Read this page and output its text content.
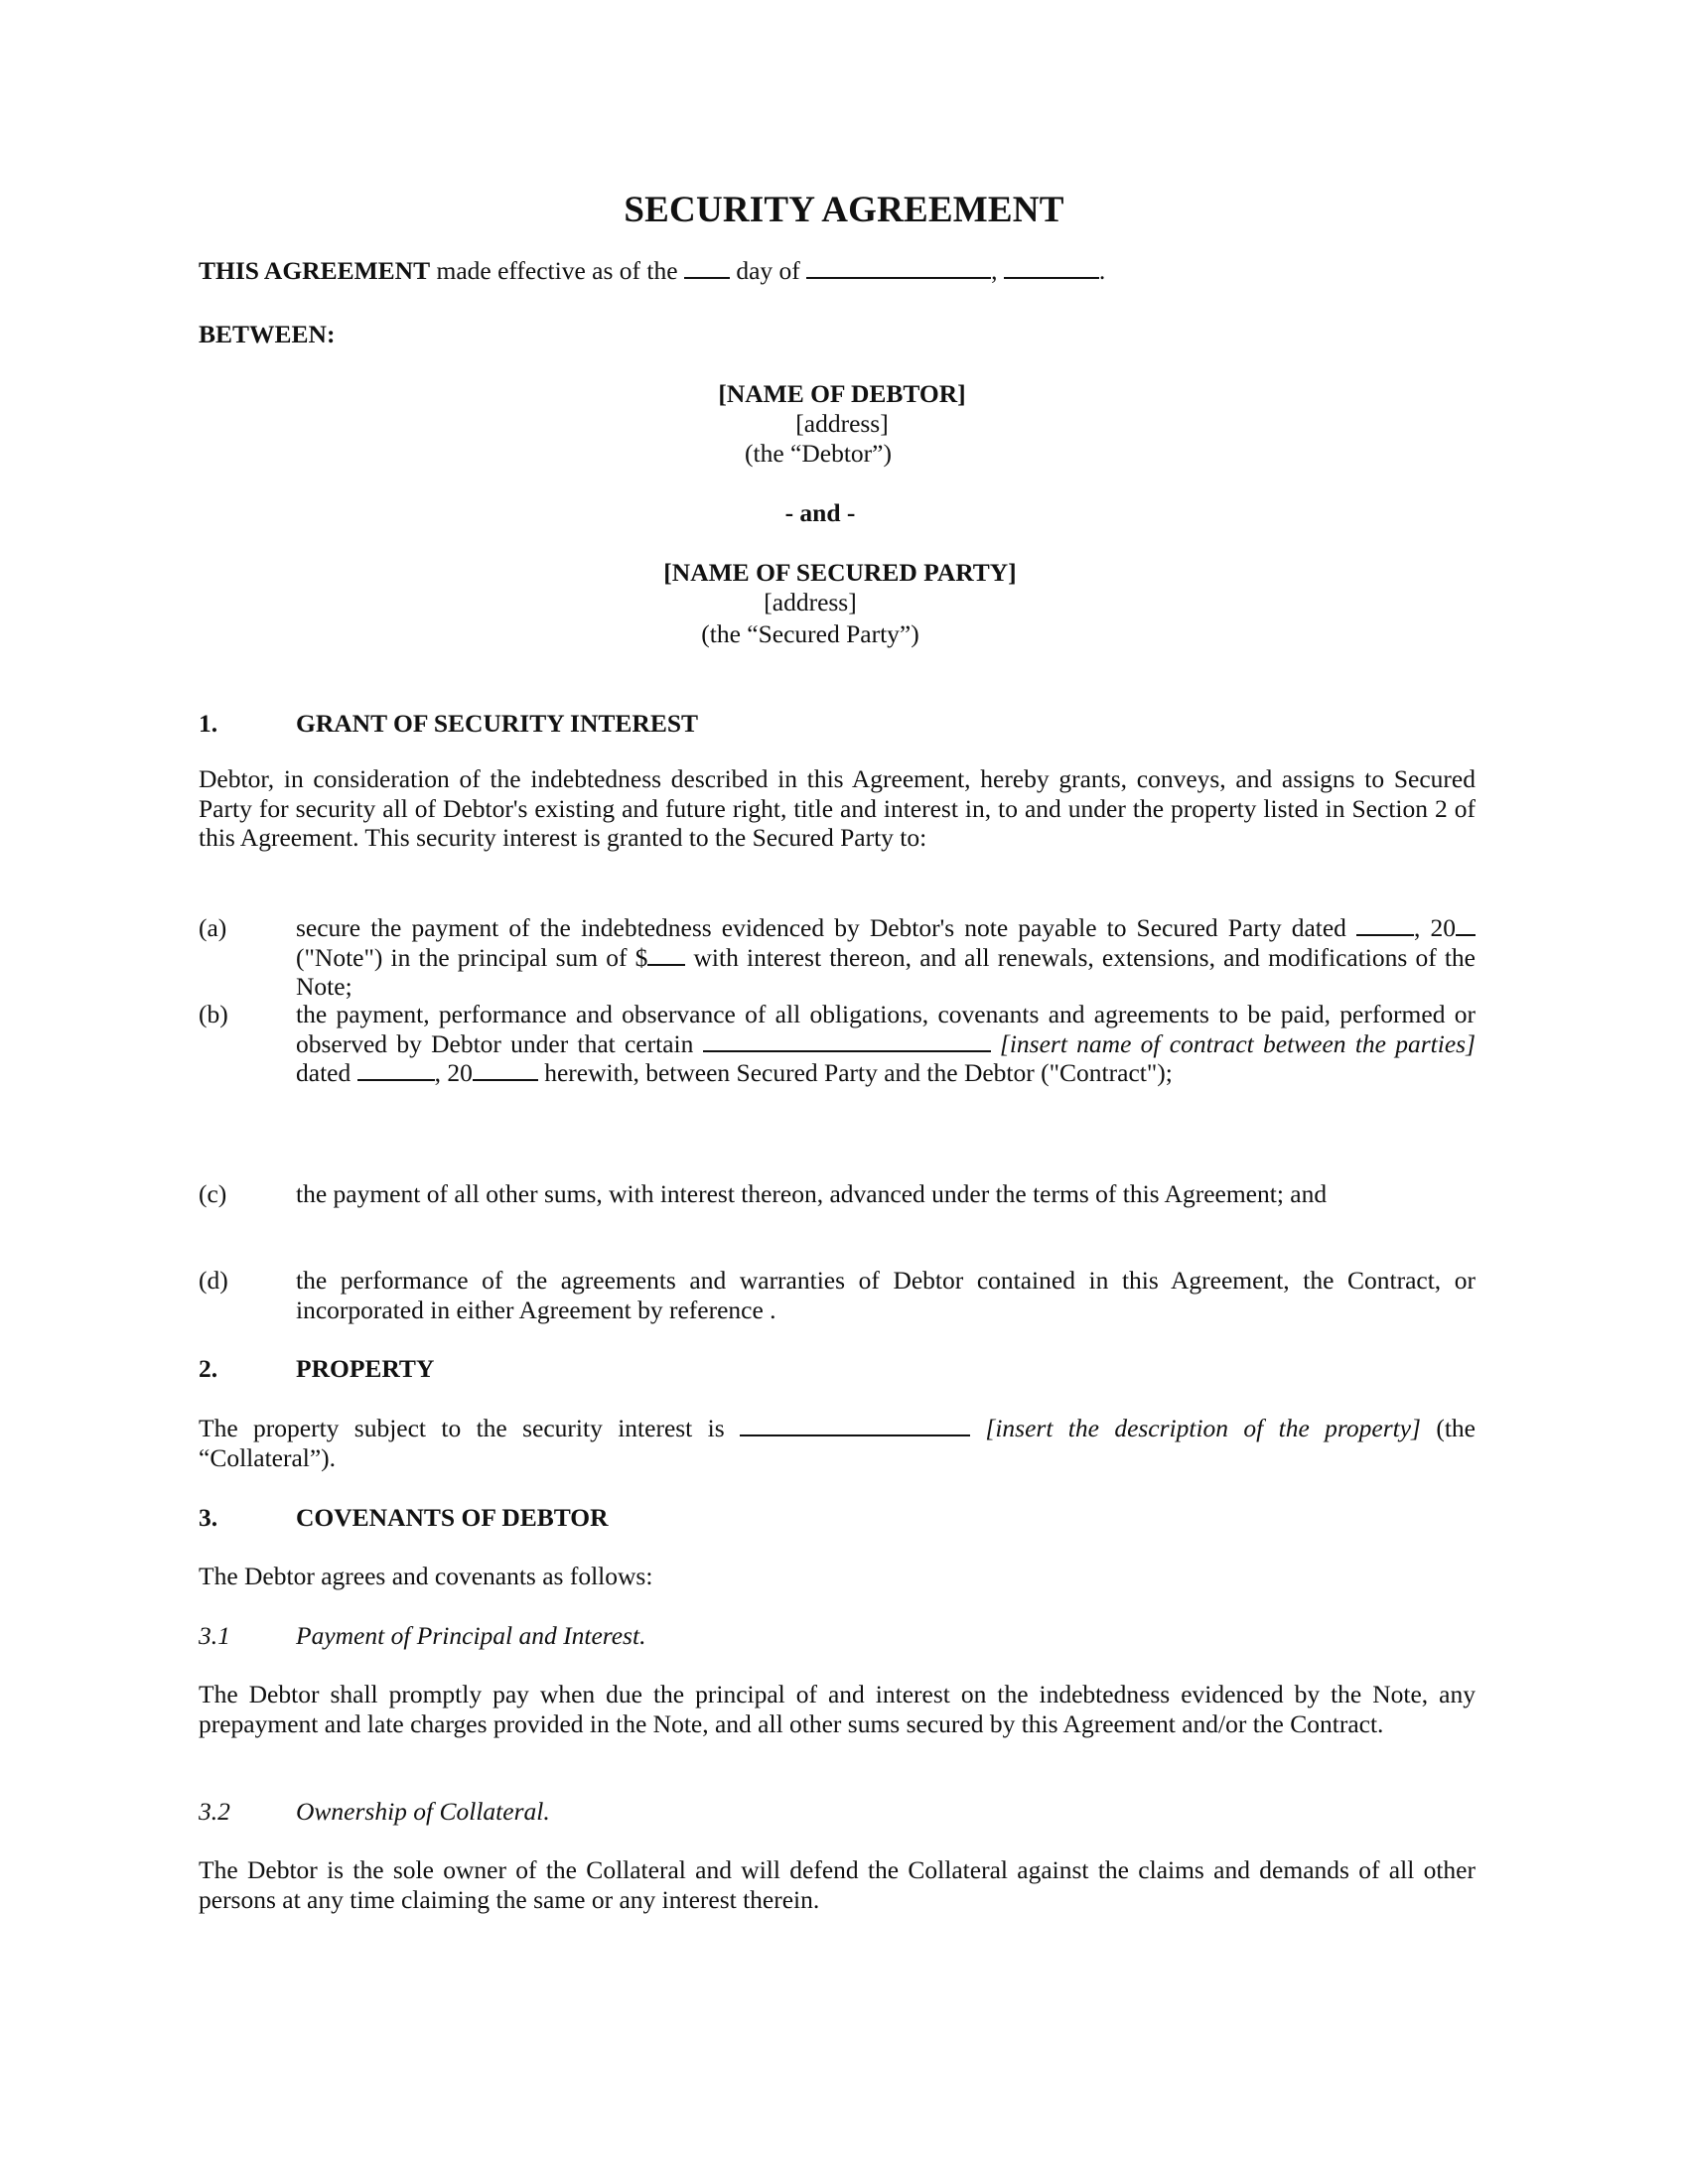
SECURITY AGREEMENT
THIS AGREEMENT made effective as of the  day of	,	.
BETWEEN:
[NAME OF DEBTOR]
[address]
(the “Debtor”)
- and -
[NAME OF SECURED PARTY]
[address]
(the “Secured Party”)
1.	GRANT OF SECURITY INTEREST
Debtor, in consideration of the indebtedness described in this Agreement, hereby grants, conveys, and assigns to Secured Party for security all of Debtor's existing and future right, title and interest in, to and under the property listed in Section 2 of this Agreement. This security interest is granted to the Secured Party to:
(a)	secure the payment of the indebtedness evidenced by Debtor's note payable to Secured Party dated , 20 ("Note") in the principal sum of $ with interest thereon, and all renewals, extensions, and modifications of the Note;
(b)	the payment, performance and observance of all obligations, covenants and agreements to be paid, performed or observed by Debtor under that certain	[insert name of contract between the parties] dated	, 20	herewith, between Secured Party and the Debtor ("Contract");
(c)	the payment of all other sums, with interest thereon, advanced under the terms of this Agreement; and
(d)	the performance of the agreements and warranties of Debtor contained in this Agreement, the Contract, or incorporated in either Agreement by reference .
2.	PROPERTY
The property subject to the security interest is	[insert the description of the property] (the “Collateral”).
3.	COVENANTS OF DEBTOR
The Debtor agrees and covenants as follows:
3.1	Payment of Principal and Interest.
The Debtor shall promptly pay when due the principal of and interest on the indebtedness evidenced by the Note, any prepayment and late charges provided in the Note, and all other sums secured by this Agreement and/or the Contract.
3.2	Ownership of Collateral.
The Debtor is the sole owner of the Collateral and will defend the Collateral against the claims and demands of all other persons at any time claiming the same or any interest therein.
